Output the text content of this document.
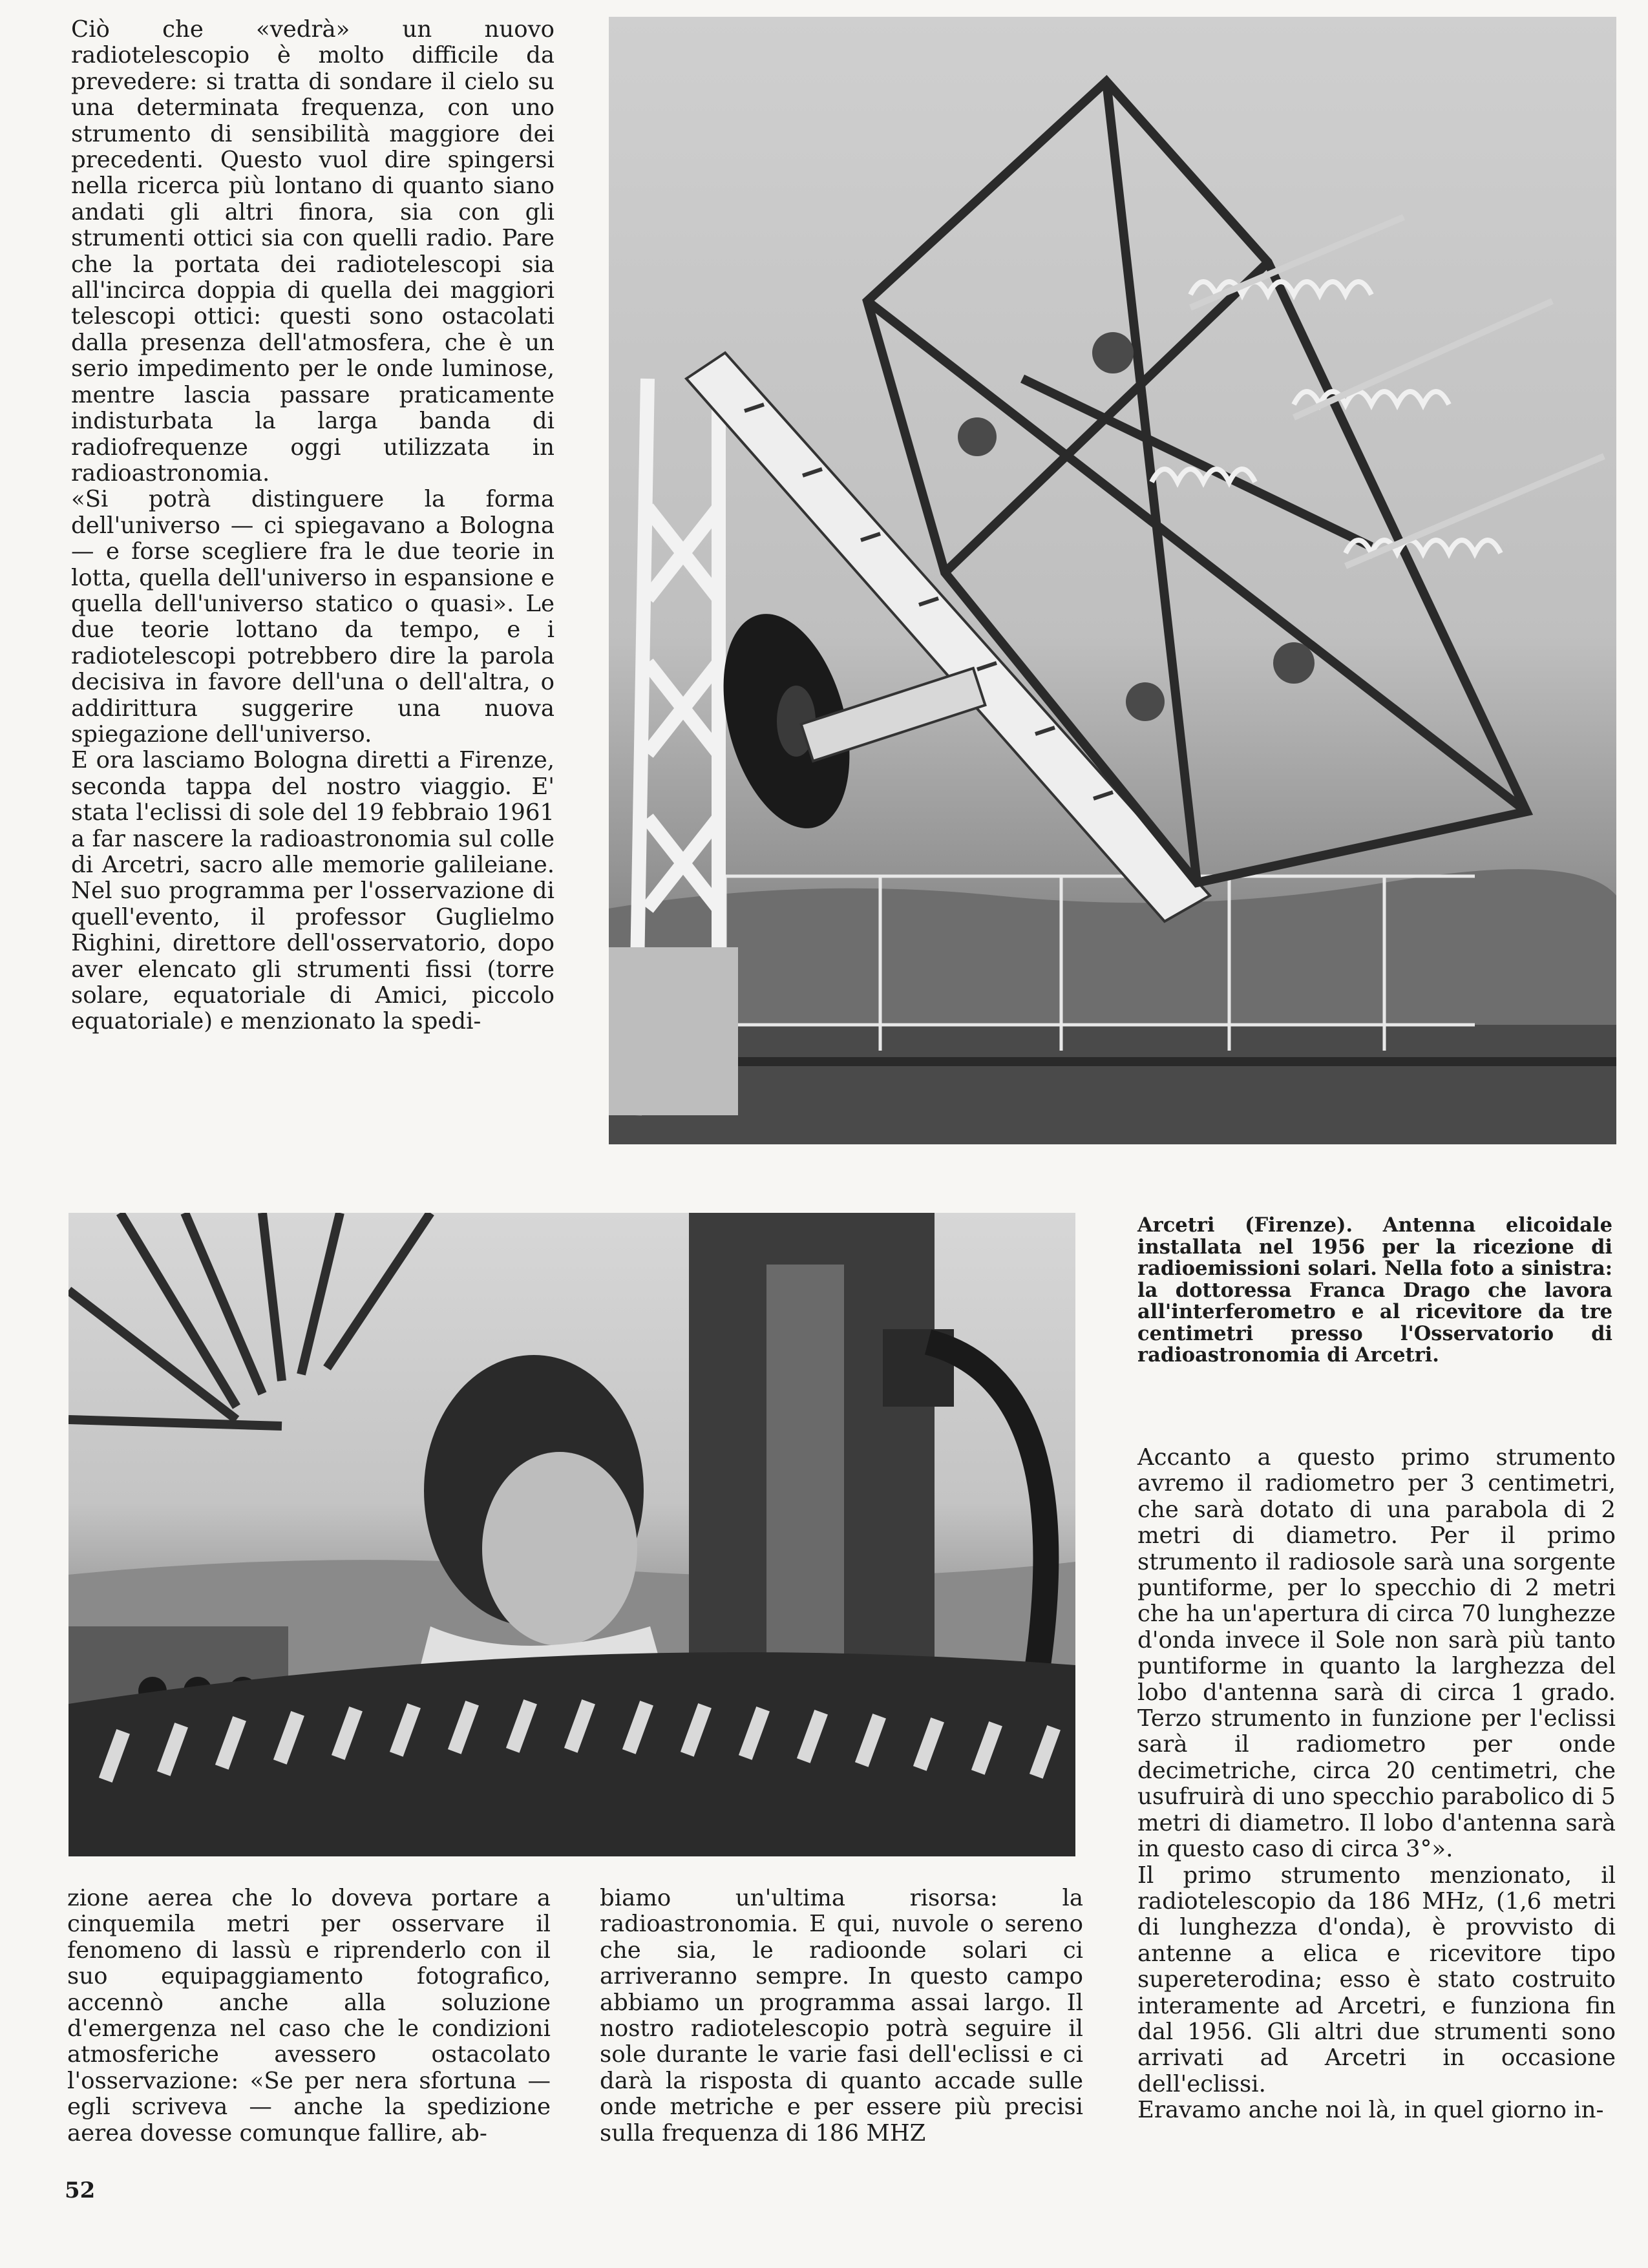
Ciò che «vedrà» un nuovo radiotelescopio è molto difficile da prevedere: si tratta di sondare il cielo su una determinata frequenza, con uno strumento di sensibilità maggiore dei precedenti. Questo vuol dire spingersi nella ricerca più lontano di quanto siano andati gli altri finora, sia con gli strumenti ottici sia con quelli radio. Pare che la portata dei radiotelescopi sia all'incirca doppia di quella dei maggiori telescopi ottici: questi sono ostacolati dalla presenza dell'atmosfera, che è un serio impedimento per le onde luminose, mentre lascia passare praticamente indisturbata la larga banda di radiofrequenze oggi utilizzata in radioastronomia.

«Si potrà distinguere la forma dell'universo — ci spiegavano a Bologna — e forse scegliere fra le due teorie in lotta, quella dell'universo in espansione e quella dell'universo statico o quasi». Le due teorie lottano da tempo, e i radiotelescopi potrebbero dire la parola decisiva in favore dell'una o dell'altra, o addirittura suggerire una nuova spiegazione dell'universo.

E ora lasciamo Bologna diretti a Firenze, seconda tappa del nostro viaggio. E' stata l'eclissi di sole del 19 febbraio 1961 a far nascere la radioastronomia sul colle di Arcetri, sacro alle memorie galileiane. Nel suo programma per l'osservazione di quell'evento, il professor Guglielmo Righini, direttore dell'osservatorio, dopo aver elencato gli strumenti fissi (torre solare, equatoriale di Amici, piccolo equatoriale) e menzionato la spedi-

Arcetri (Firenze). Antenna elicoidale installata nel 1956 per la ricezione di radioemissioni solari. Nella foto a sinistra: la dottoressa Franca Drago che lavora all'interferometro e al ricevitore da tre centimetri presso l'Osservatorio di radioastronomia di Arcetri.

Accanto a questo primo strumento avremo il radiometro per 3 centimetri, che sarà dotato di una parabola di 2 metri di diametro. Per il primo strumento il radiosole sarà una sorgente puntiforme, per lo specchio di 2 metri che ha un'apertura di circa 70 lunghezze d'onda invece il Sole non sarà più tanto puntiforme in quanto la larghezza del lobo d'antenna sarà di circa 1 grado. Terzo strumento in funzione per l'eclissi sarà il radiometro per onde decimetriche, circa 20 centimetri, che usufruirà di uno specchio parabolico di 5 metri di diametro. Il lobo d'antenna sarà in questo caso di circa 3°».

Il primo strumento menzionato, il radiotelescopio da 186 MHz, (1,6 metri di lunghezza d'onda), è provvisto di antenne a elica e ricevitore tipo supereterodina; esso è stato costruito interamente ad Arcetri, e funziona fin dal 1956. Gli altri due strumenti sono arrivati ad Arcetri in occasione dell'eclissi.

Eravamo anche noi là, in quel giorno in-

zione aerea che lo doveva portare a cinquemila metri per osservare il fenomeno di lassù e riprenderlo con il suo equipaggiamento fotografico, accennò anche alla soluzione d'emergenza nel caso che le condizioni atmosferiche avessero ostacolato l'osservazione: «Se per nera sfortuna — egli scriveva — anche la spedizione aerea dovesse comunque fallire, ab-

biamo un'ultima risorsa: la radioastronomia. E qui, nuvole o sereno che sia, le radioonde solari ci arriveranno sempre. In questo campo abbiamo un programma assai largo. Il nostro radiotelescopio potrà seguire il sole durante le varie fasi dell'eclissi e ci darà la risposta di quanto accade sulle onde metriche e per essere più precisi sulla frequenza di 186 MHZ

52
